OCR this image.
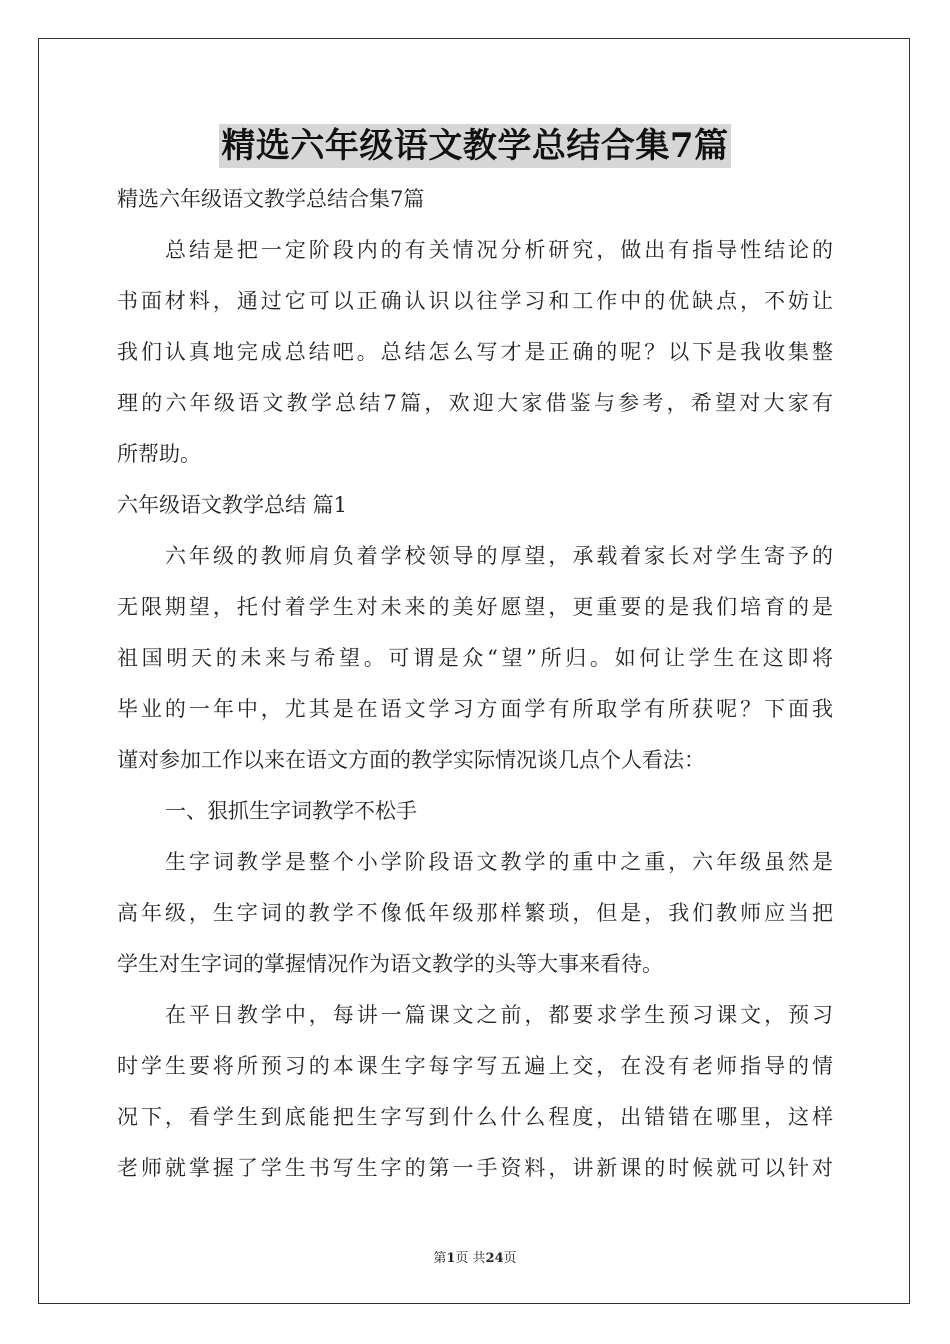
精选六年级语文教学总结合集7篇

精选六年级语文教学总结合集7篇

总结是把一定阶段内的有关情况分析研究，做出有指导性结论的

书面材料，通过它可以正确认识以往学习和工作中的优缺点，不妨让

我们认真地完成总结吧。总结怎么写才是正确的呢？以下是我收集整

理的六年级语文教学总结7篇，欢迎大家借鉴与参考，希望对大家有

所帮助。

六年级语文教学总结 篇1

六年级的教师肩负着学校领导的厚望，承载着家长对学生寄予的

无限期望，托付着学生对未来的美好愿望，更重要的是我们培育的是

祖国明天的未来与希望。可谓是众“望”所归。如何让学生在这即将

毕业的一年中，尤其是在语文学习方面学有所取学有所获呢？下面我

谨对参加工作以来在语文方面的教学实际情况谈几点个人看法：

一、狠抓生字词教学不松手

生字词教学是整个小学阶段语文教学的重中之重，六年级虽然是

高年级，生字词的教学不像低年级那样繁琐，但是，我们教师应当把

学生对生字词的掌握情况作为语文教学的头等大事来看待。

在平日教学中，每讲一篇课文之前，都要求学生预习课文，预习

时学生要将所预习的本课生字每字写五遍上交，在没有老师指导的情

况下，看学生到底能把生字写到什么什么程度，出错错在哪里，这样

老师就掌握了学生书写生字的第一手资料，讲新课的时候就可以针对

第1页 共24页
